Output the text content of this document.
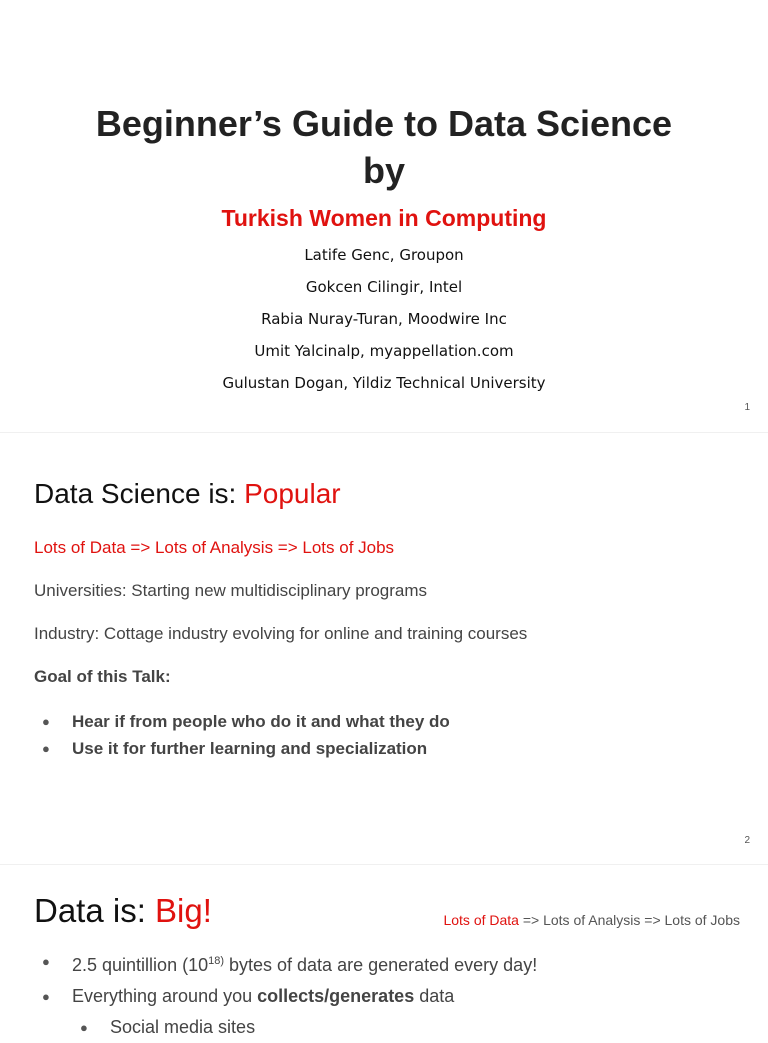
Beginner’s Guide to Data Science
by
Turkish Women in Computing
Latife Genc, Groupon
Gokcen Cilingir, Intel
Rabia Nuray-Turan, Moodwire Inc
Umit Yalcinalp, myappellation.com
Gulustan Dogan, Yildiz Technical University
1
Data Science is: Popular
Lots of Data => Lots of Analysis => Lots of Jobs
Universities: Starting new multidisciplinary programs
Industry: Cottage industry evolving for online and training courses
Goal of this Talk:
● Hear if from people who do it and what they do
● Use it for further learning and specialization
2
Data is: Big!	Lots of Data => Lots of Analysis => Lots of Jobs
● 2.5 quintillion (10$^{18)}$ bytes of data are generated every day!
● Everything around you collects/generates data
● Social media sites
